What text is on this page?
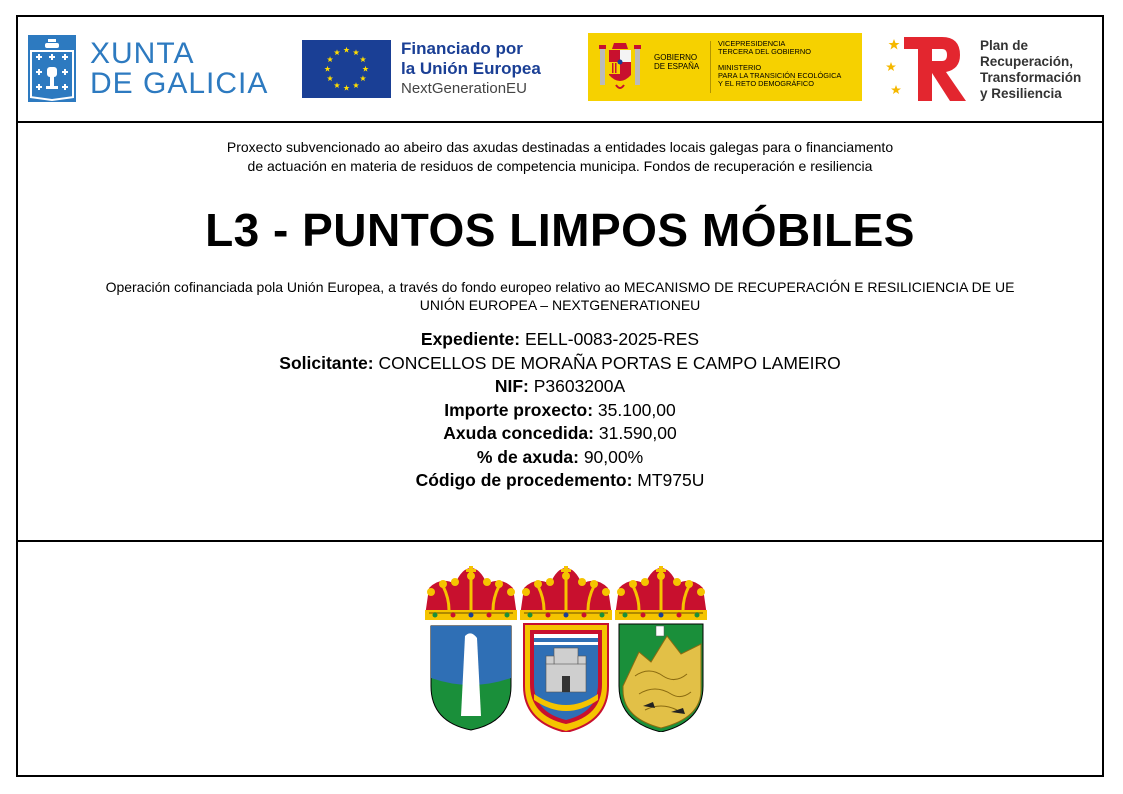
XUNTA
DE GALICIA
Financiado por
la Unión Europea
NextGenerationEU
GOBIERNO
DE ESPAÑA
VICEPRESIDENCIA
TERCERA DEL GOBIERNO
MINISTERIO
PARA LA TRANSICIÓN ECOLÓGICA
Y EL RETO DEMOGRÁFICO
Plan de
Recuperación,
Transformación
y Resiliencia
Proxecto subvencionado ao abeiro das axudas destinadas a entidades locais galegas para o financiamento
de actuación en materia de residuos de competencia municipa. Fondos de recuperación e resiliencia
L3 - PUNTOS LIMPOS MÓBILES
Operación cofinanciada pola Unión Europea, a través do fondo europeo relativo ao MECANISMO DE RECUPERACIÓN E RESILICIENCIA DE UE
UNIÓN EUROPEA – NEXTGENERATIONEU
Expediente: EELL-0083-2025-RES
Solicitante: CONCELLOS DE MORAÑA PORTAS E CAMPO LAMEIRO
NIF: P3603200A
Importe proxecto: 35.100,00
Axuda concedida: 31.590,00
% de axuda: 90,00%
Código de procedemento: MT975U
